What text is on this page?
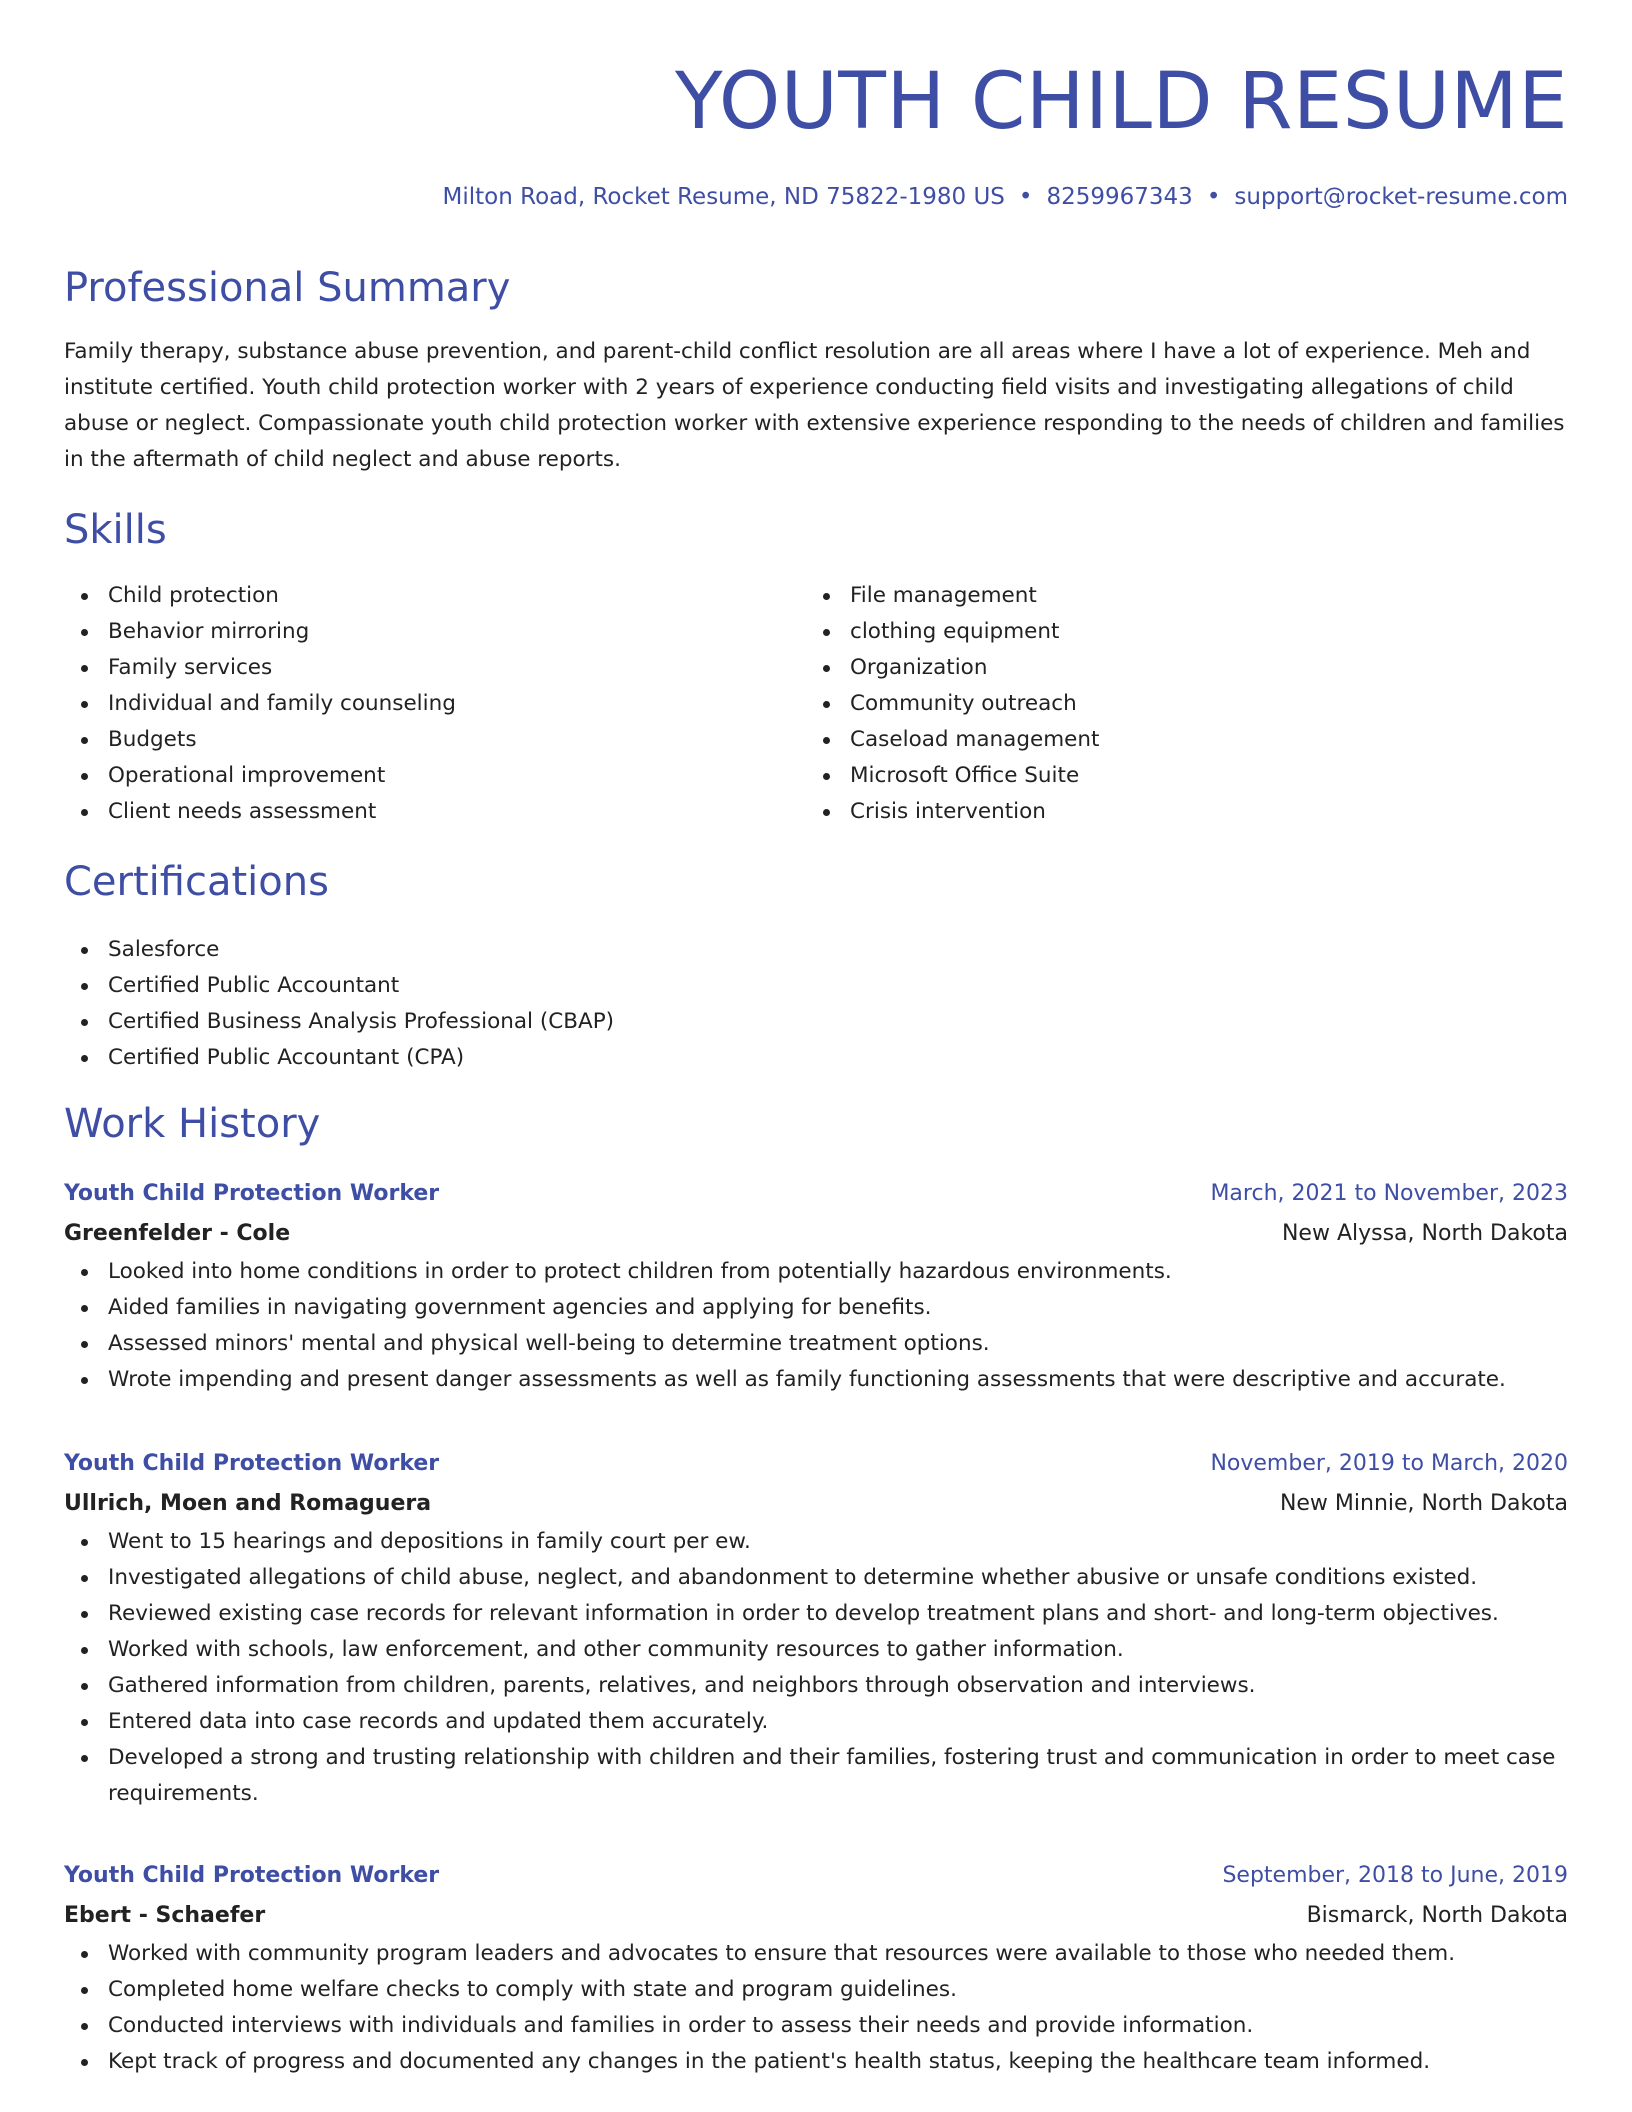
YOUTH CHILD RESUME
Milton Road, Rocket Resume, ND 75822-1980 US • 8259967343 • support@rocket-resume.com
Professional Summary

Family therapy, substance abuse prevention, and parent-child conflict resolution are all areas where I have a lot of experience. Meh and institute certified. Youth child protection worker with 2 years of experience conducting field visits and investigating allegations of child abuse or neglect. Compassionate youth child protection worker with extensive experience responding to the needs of children and families in the aftermath of child neglect and abuse reports.

Skills
Child protection
Behavior mirroring
Family services
Individual and family counseling
Budgets
Operational improvement
Client needs assessment
File management
clothing equipment
Organization
Community outreach
Caseload management
Microsoft Office Suite
Crisis intervention
Certifications
Salesforce
Certified Public Accountant
Certified Business Analysis Professional (CBAP)
Certified Public Accountant (CPA)
Work History
Youth Child Protection Worker	March, 2021 to November, 2023
Greenfelder - Cole	New Alyssa, North Dakota
Looked into home conditions in order to protect children from potentially hazardous environments.
Aided families in navigating government agencies and applying for benefits.
Assessed minors' mental and physical well-being to determine treatment options.
Wrote impending and present danger assessments as well as family functioning assessments that were descriptive and accurate.
Youth Child Protection Worker	November, 2019 to March, 2020
Ullrich, Moen and Romaguera	New Minnie, North Dakota
Went to 15 hearings and depositions in family court per ew.
Investigated allegations of child abuse, neglect, and abandonment to determine whether abusive or unsafe conditions existed.
Reviewed existing case records for relevant information in order to develop treatment plans and short- and long-term objectives.
Worked with schools, law enforcement, and other community resources to gather information.
Gathered information from children, parents, relatives, and neighbors through observation and interviews.
Entered data into case records and updated them accurately.
Developed a strong and trusting relationship with children and their families, fostering trust and communication in order to meet case requirements.
Youth Child Protection Worker	September, 2018 to June, 2019
Ebert - Schaefer	Bismarck, North Dakota
Worked with community program leaders and advocates to ensure that resources were available to those who needed them.
Completed home welfare checks to comply with state and program guidelines.
Conducted interviews with individuals and families in order to assess their needs and provide information.
Kept track of progress and documented any changes in the patient's health status, keeping the healthcare team informed.
